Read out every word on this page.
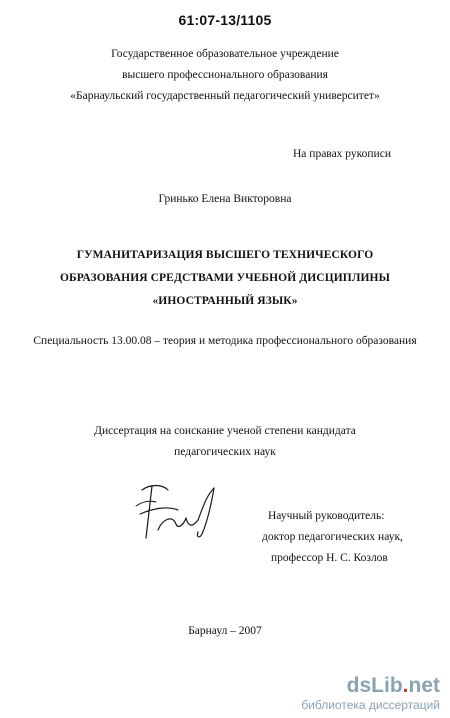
61:07-13/1105
Государственное образовательное учреждение
высшего профессионального образования
«Барнаульский государственный педагогический университет»
На правах рукописи
Гринько Елена Викторовна
ГУМАНИТАРИЗАЦИЯ ВЫСШЕГО ТЕХНИЧЕСКОГО
ОБРАЗОВАНИЯ СРЕДСТВАМИ УЧЕБНОЙ ДИСЦИПЛИНЫ
«ИНОСТРАННЫЙ ЯЗЫК»
Специальность 13.00.08 – теория и методика профессионального образования
Диссертация на соискание ученой степени кандидата
педагогических наук
Научный руководитель:
доктор педагогических наук,
профессор Н. С. Козлов
Барнаул – 2007
dsLib.net
библиотека диссертаций
